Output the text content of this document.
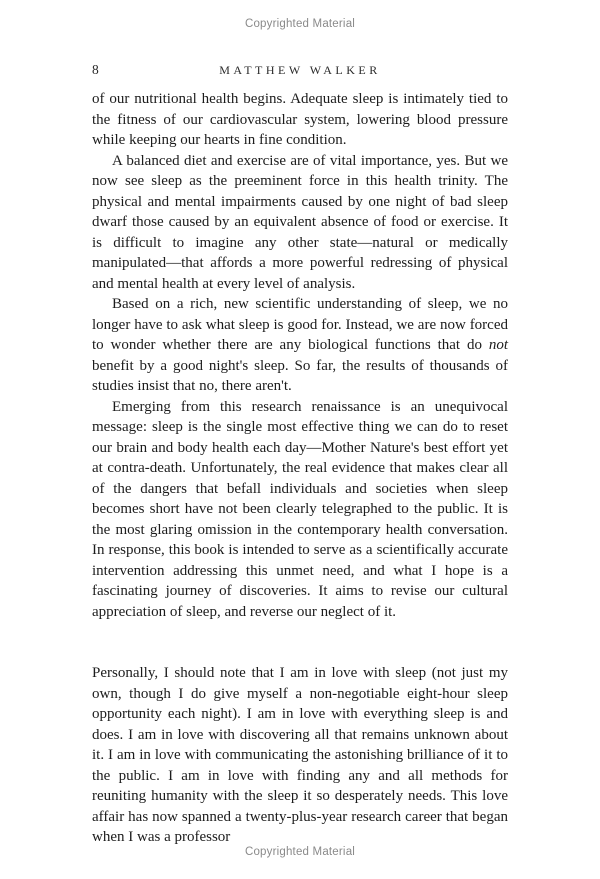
Copyrighted Material
8	MATTHEW WALKER

of our nutritional health begins. Adequate sleep is intimately tied to the fitness of our cardiovascular system, lowering blood pressure while keeping our hearts in fine condition.

A balanced diet and exercise are of vital importance, yes. But we now see sleep as the preeminent force in this health trinity. The physical and mental impairments caused by one night of bad sleep dwarf those caused by an equivalent absence of food or exercise. It is difficult to imagine any other state—natural or medically manipulated—that affords a more powerful redressing of physical and mental health at every level of analysis.

Based on a rich, new scientific understanding of sleep, we no longer have to ask what sleep is good for. Instead, we are now forced to wonder whether there are any biological functions that do not benefit by a good night's sleep. So far, the results of thousands of studies insist that no, there aren't.

Emerging from this research renaissance is an unequivocal message: sleep is the single most effective thing we can do to reset our brain and body health each day—Mother Nature's best effort yet at contra-death. Unfortunately, the real evidence that makes clear all of the dangers that befall individuals and societies when sleep becomes short have not been clearly telegraphed to the public. It is the most glaring omission in the contemporary health conversation. In response, this book is intended to serve as a scientifically accurate intervention addressing this unmet need, and what I hope is a fascinating journey of discoveries. It aims to revise our cultural appreciation of sleep, and reverse our neglect of it.

Personally, I should note that I am in love with sleep (not just my own, though I do give myself a non-negotiable eight-hour sleep opportunity each night). I am in love with everything sleep is and does. I am in love with discovering all that remains unknown about it. I am in love with communicating the astonishing brilliance of it to the public. I am in love with finding any and all methods for reuniting humanity with the sleep it so desperately needs. This love affair has now spanned a twenty-plus-year research career that began when I was a professor

Copyrighted Material
